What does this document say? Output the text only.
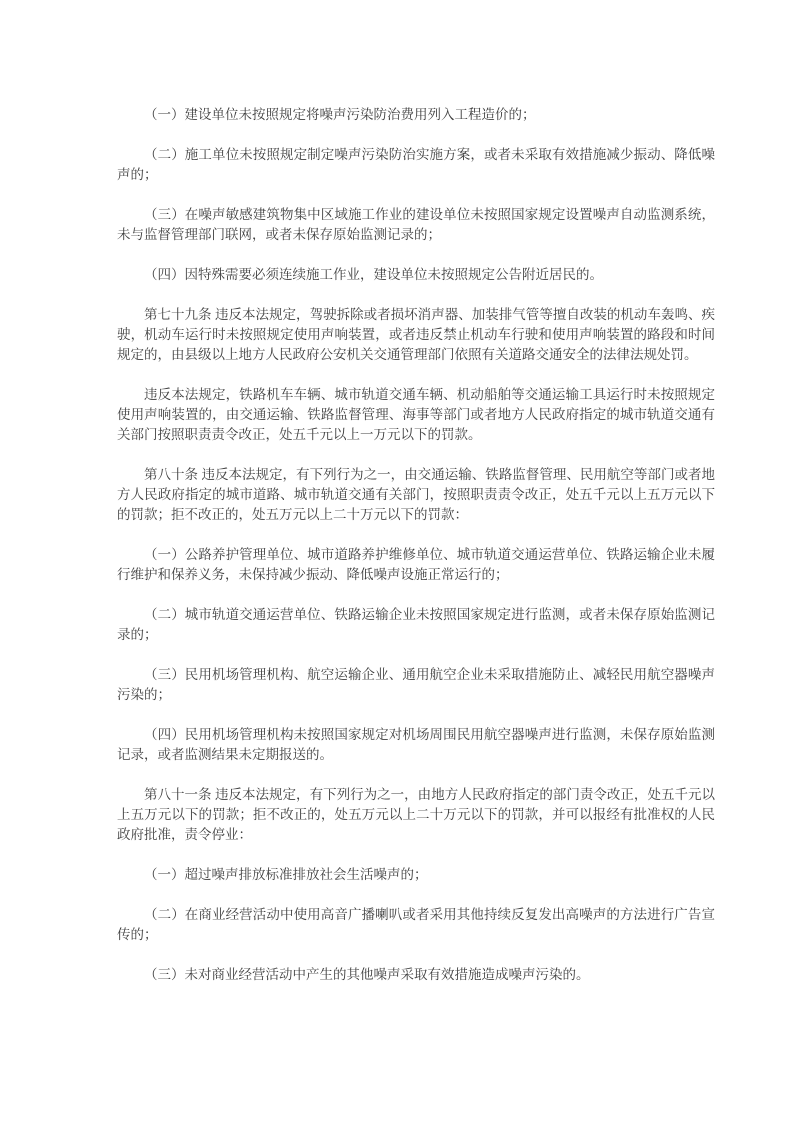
（一）建设单位未按照规定将噪声污染防治费用列入工程造价的；

（二）施工单位未按照规定制定噪声污染防治实施方案，或者未采取有效措施减少振动、降低噪声的；

（三）在噪声敏感建筑物集中区域施工作业的建设单位未按照国家规定设置噪声自动监测系统，未与监督管理部门联网，或者未保存原始监测记录的；

（四）因特殊需要必须连续施工作业，建设单位未按照规定公告附近居民的。

第七十九条 违反本法规定，驾驶拆除或者损坏消声器、加装排气管等擅自改装的机动车轰鸣、疾驶，机动车运行时未按照规定使用声响装置，或者违反禁止机动车行驶和使用声响装置的路段和时间规定的，由县级以上地方人民政府公安机关交通管理部门依照有关道路交通安全的法律法规处罚。

违反本法规定，铁路机车车辆、城市轨道交通车辆、机动船舶等交通运输工具运行时未按照规定使用声响装置的，由交通运输、铁路监督管理、海事等部门或者地方人民政府指定的城市轨道交通有关部门按照职责责令改正，处五千元以上一万元以下的罚款。

第八十条 违反本法规定，有下列行为之一，由交通运输、铁路监督管理、民用航空等部门或者地方人民政府指定的城市道路、城市轨道交通有关部门，按照职责责令改正，处五千元以上五万元以下的罚款；拒不改正的，处五万元以上二十万元以下的罚款：

（一）公路养护管理单位、城市道路养护维修单位、城市轨道交通运营单位、铁路运输企业未履行维护和保养义务，未保持减少振动、降低噪声设施正常运行的；

（二）城市轨道交通运营单位、铁路运输企业未按照国家规定进行监测，或者未保存原始监测记录的；

（三）民用机场管理机构、航空运输企业、通用航空企业未采取措施防止、减轻民用航空器噪声污染的；

（四）民用机场管理机构未按照国家规定对机场周围民用航空器噪声进行监测，未保存原始监测记录，或者监测结果未定期报送的。

第八十一条 违反本法规定，有下列行为之一，由地方人民政府指定的部门责令改正，处五千元以上五万元以下的罚款；拒不改正的，处五万元以上二十万元以下的罚款，并可以报经有批准权的人民政府批准，责令停业：

（一）超过噪声排放标准排放社会生活噪声的；

（二）在商业经营活动中使用高音广播喇叭或者采用其他持续反复发出高噪声的方法进行广告宣传的；

（三）未对商业经营活动中产生的其他噪声采取有效措施造成噪声污染的。
